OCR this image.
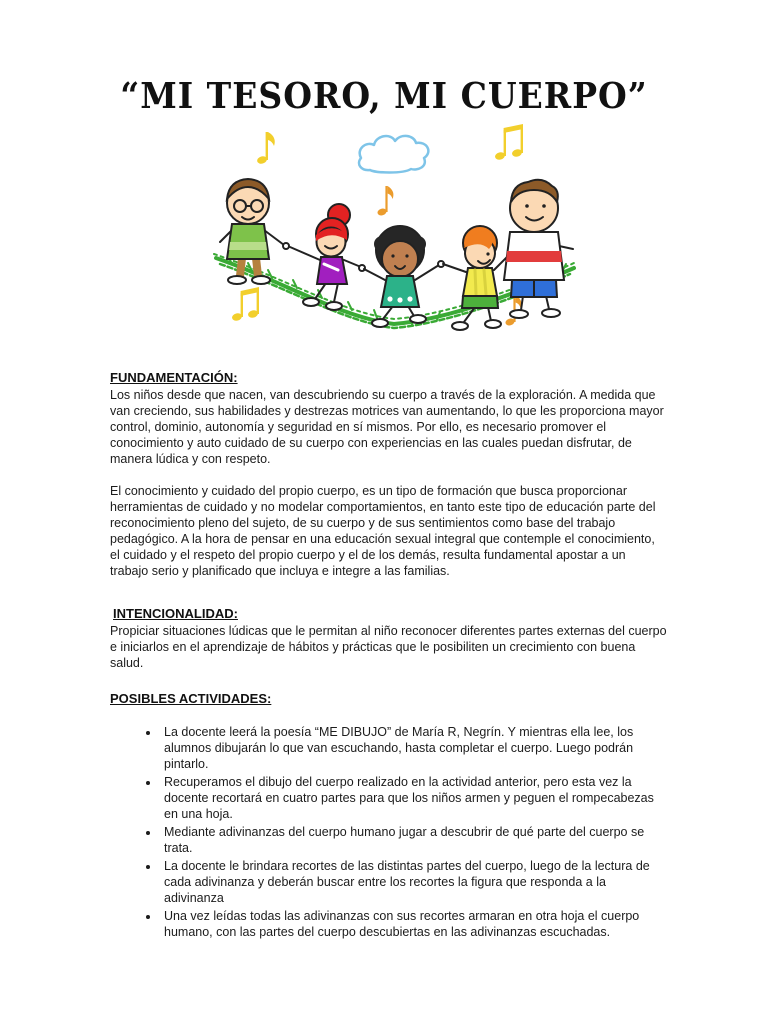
“MI TESORO, MI CUERPO”
FUNDAMENTACIÓN:

Los niños desde que nacen, van descubriendo su cuerpo a través de la exploración. A medida que van creciendo, sus habilidades y destrezas motrices van aumentando, lo que les proporciona mayor control, dominio, autonomía y seguridad en sí mismos. Por ello, es necesario promover el conocimiento y auto cuidado de su cuerpo con experiencias en las cuales puedan disfrutar, de manera lúdica y con respeto.

El conocimiento y cuidado del propio cuerpo, es un tipo de formación que busca proporcionar herramientas de cuidado y no modelar comportamientos, en tanto este tipo de educación parte del reconocimiento pleno del sujeto, de su cuerpo y de sus sentimientos como base del trabajo pedagógico. A la hora de pensar en una educación sexual integral que contemple el conocimiento, el cuidado y el respeto del propio cuerpo y el de los demás, resulta fundamental apostar a un trabajo serio y planificado que incluya e integre a las familias.

INTENCIONALIDAD:

Propiciar situaciones lúdicas que le permitan al niño reconocer diferentes partes externas del cuerpo e iniciarlos en el aprendizaje de hábitos y prácticas que le posibiliten un crecimiento con buena salud.

POSIBLES ACTIVIDADES:
• La docente leerá la poesía “ME DIBUJO” de María R, Negrín. Y mientras ella lee, los alumnos dibujarán lo que van escuchando, hasta completar el cuerpo. Luego podrán pintarlo.
• Recuperamos el dibujo del cuerpo realizado en la actividad anterior, pero esta vez la docente recortará en cuatro partes para que los niños armen y peguen el rompecabezas en una hoja.
• Mediante adivinanzas del cuerpo humano jugar a descubrir de qué parte del cuerpo se trata.
• La docente le brindara recortes de las distintas partes del cuerpo, luego de la lectura de cada adivinanza y deberán buscar entre los recortes la figura que responda a la adivinanza
• Una vez leídas todas las adivinanzas con sus recortes armaran en otra hoja el cuerpo humano, con las partes del cuerpo descubiertas en las adivinanzas escuchadas.
